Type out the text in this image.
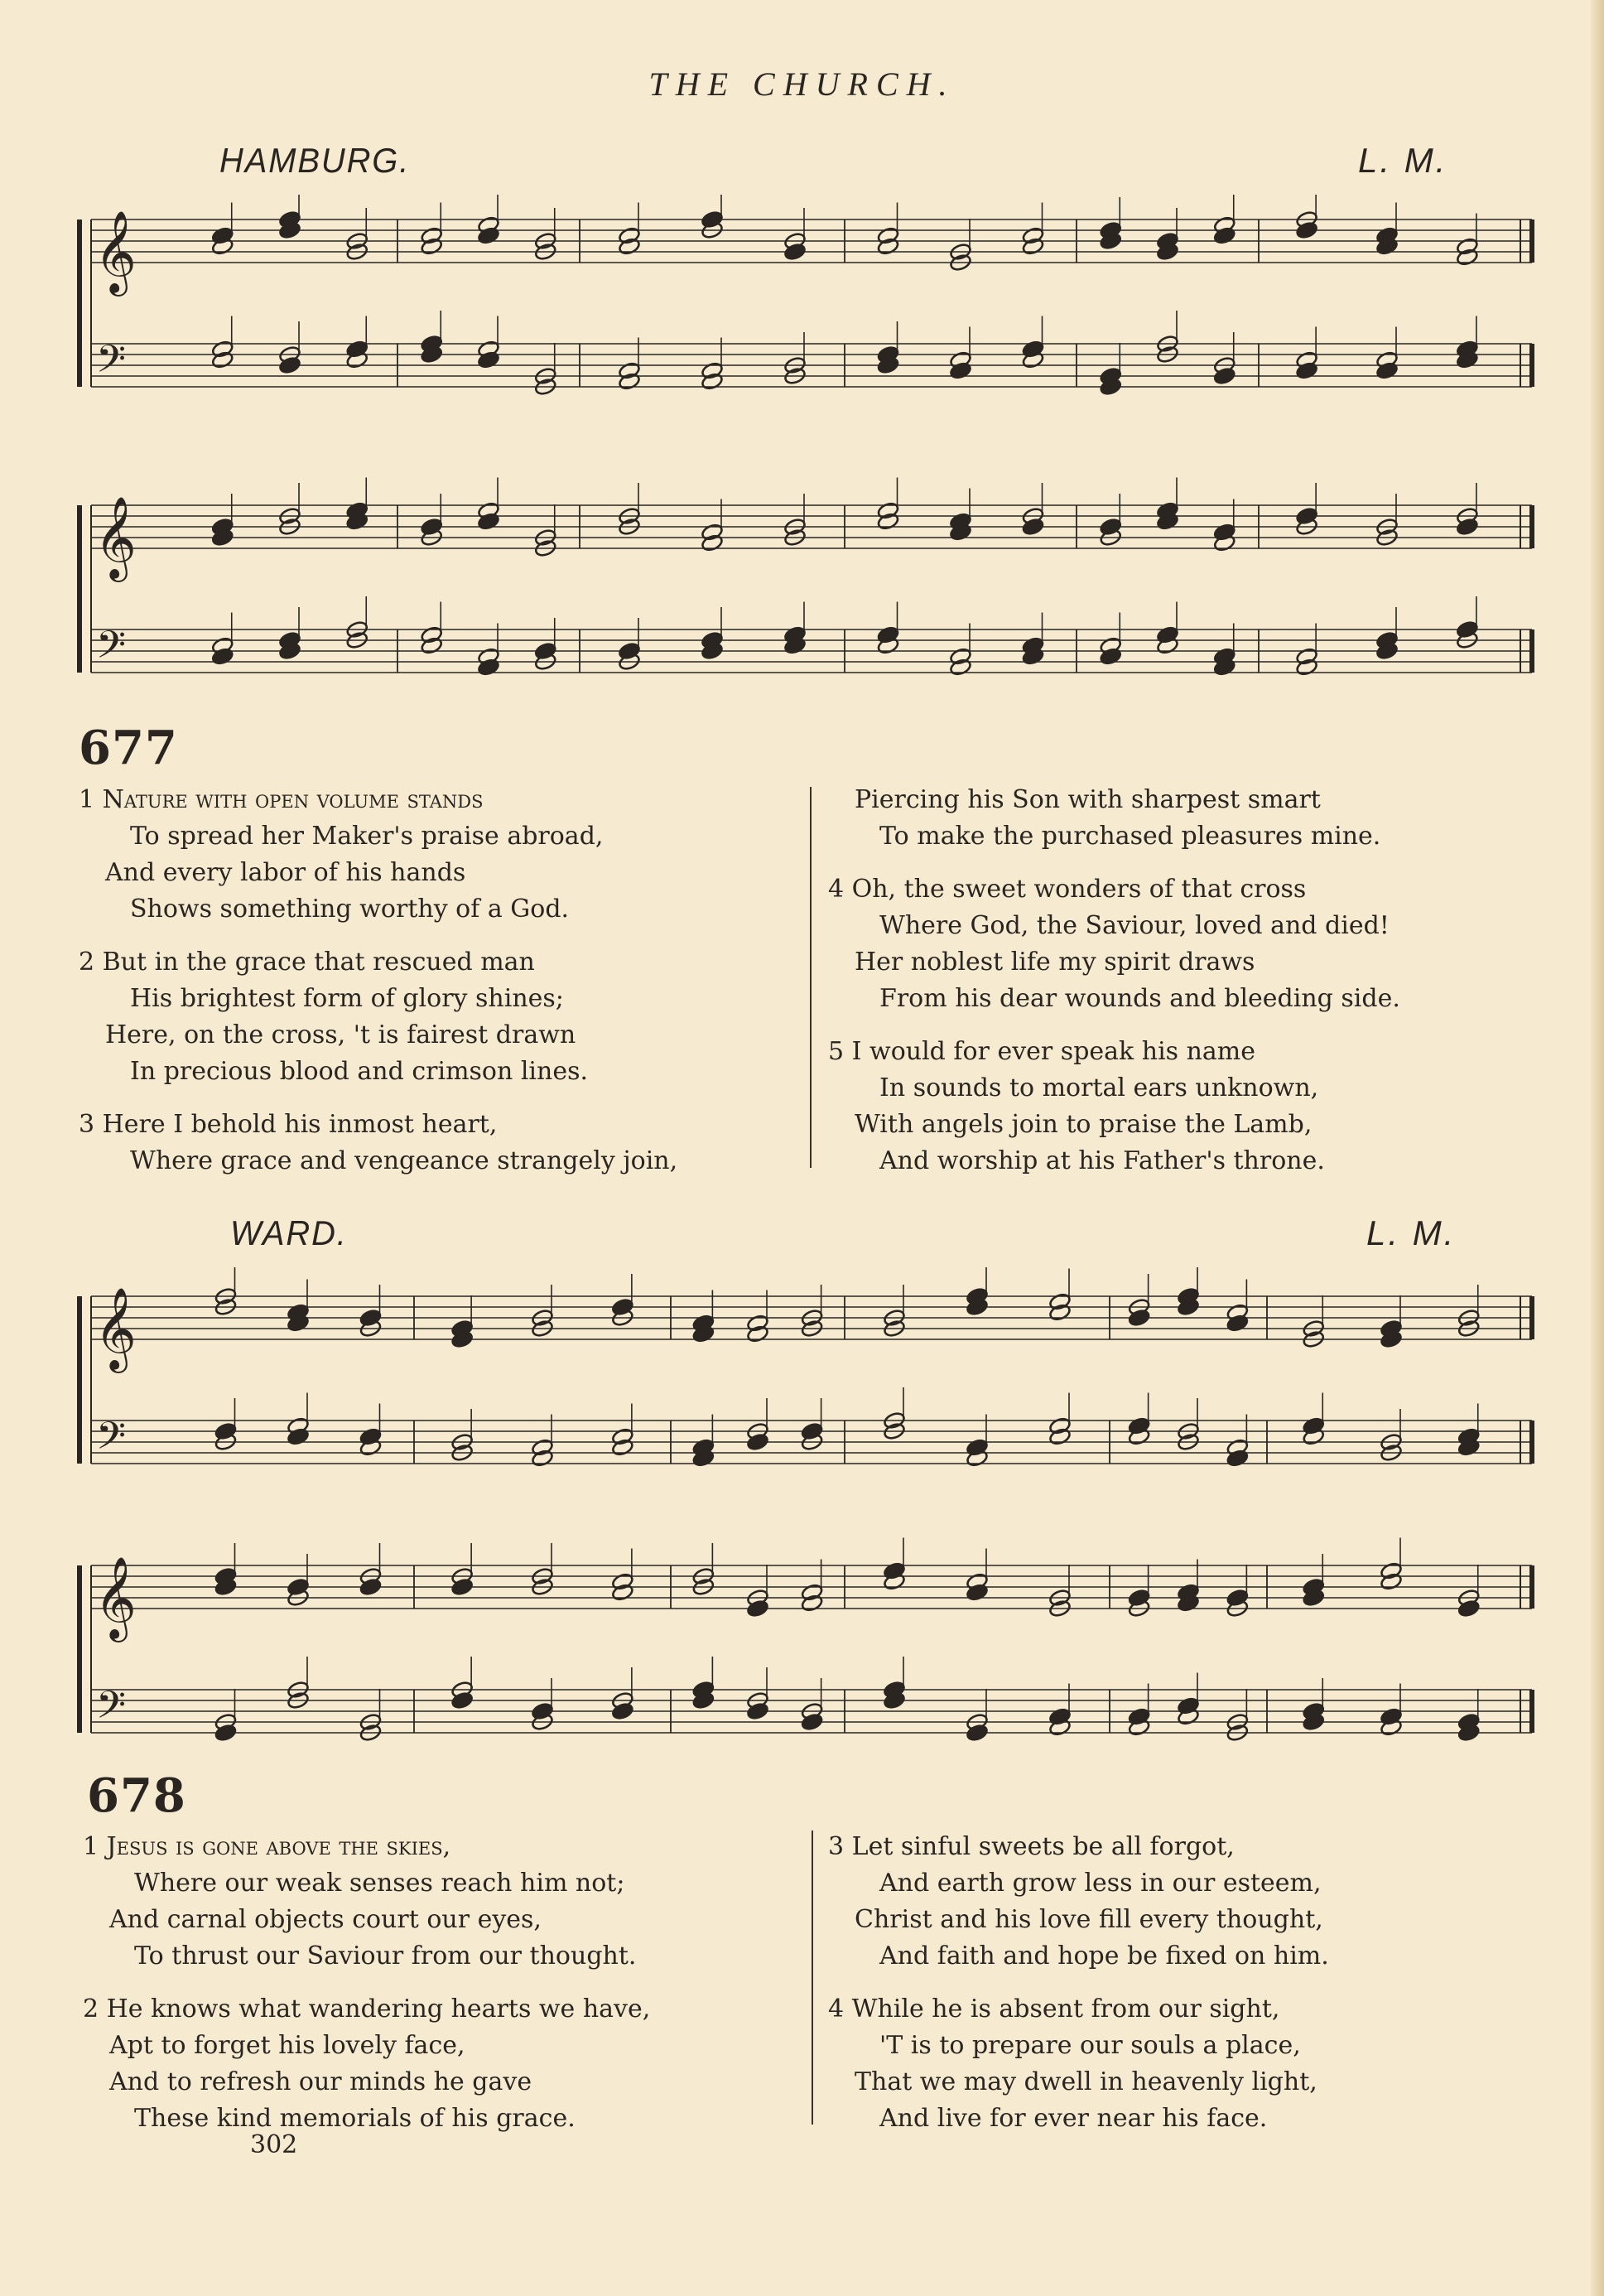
THE CHURCH.
HAMBURG.	L. M.
𝄞
𝄢
𝄞
𝄢
677
1 Nature with open volume stands
To spread her Maker's praise abroad,
And every labor of his hands
Shows something worthy of a God.
2 But in the grace that rescued man
His brightest form of glory shines;
Here, on the cross, 't is fairest drawn
In precious blood and crimson lines.
3 Here I behold his inmost heart,
Where grace and vengeance strangely join,
Piercing his Son with sharpest smart
To make the purchased pleasures mine.
4 Oh, the sweet wonders of that cross
Where God, the Saviour, loved and died!
Her noblest life my spirit draws
From his dear wounds and bleeding side.
5 I would for ever speak his name
In sounds to mortal ears unknown,
With angels join to praise the Lamb,
And worship at his Father's throne.
WARD.	L. M.
𝄞
𝄢
𝄞
𝄢
678
1 Jesus is gone above the skies,
Where our weak senses reach him not;
And carnal objects court our eyes,
To thrust our Saviour from our thought.
2 He knows what wandering hearts we have,
Apt to forget his lovely face,
And to refresh our minds he gave
These kind memorials of his grace.
3 Let sinful sweets be all forgot,
And earth grow less in our esteem,
Christ and his love fill every thought,
And faith and hope be fixed on him.
4 While he is absent from our sight,
'T is to prepare our souls a place,
That we may dwell in heavenly light,
And live for ever near his face.
302
